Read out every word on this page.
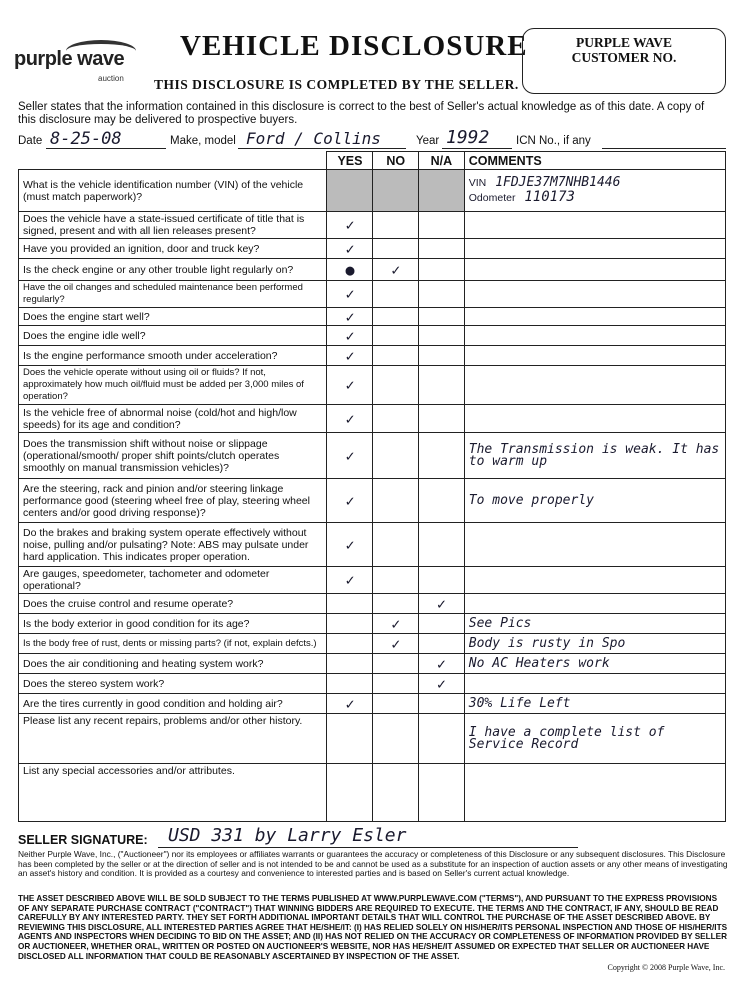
purple wave
auction
VEHICLE DISCLOSURE
THIS DISCLOSURE IS COMPLETED BY THE SELLER.
PURPLE WAVE
CUSTOMER NO.
Seller states that the information contained in this disclosure is correct to the best of Seller's actual knowledge as of this date. A copy of this disclosure may be delivered to prospective buyers.
Date 8-25-08	Make, model Ford / Collins	Year 1992 ICN No., if any
	YES	NO	N/A	COMMENTS
What is the vehicle identification number (VIN) of the vehicle (must match paperwork)?				VIN 1FDJE37M7NHB1446
Odometer 110173

Does the vehicle have a state-issued certificate of title that is signed, present and with all lien releases present?	✓			
Have you provided an ignition, door and truck key?	✓			
Is the check engine or any other trouble light regularly on?	●	✓		
Have the oil changes and scheduled maintenance been performed regularly?	✓			
Does the engine start well?	✓			
Does the engine idle well?	✓			
Is the engine performance smooth under acceleration?	✓			
Does the vehicle operate without using oil or fluids? If not, approximately how much oil/fluid must be added per 3,000 miles of operation?	✓			
Is the vehicle free of abnormal noise (cold/hot and high/low speeds) for its age and condition?	✓			
Does the transmission shift without noise or slippage (operational/smooth/ proper shift points/clutch operates smoothly on manual transmission vehicles)?	✓			The Transmission is weak. It has to warm up
Are the steering, rack and pinion and/or steering linkage performance good (steering wheel free of play, steering wheel centers and/or good driving response)?	✓			To move properly
Do the brakes and braking system operate effectively without noise, pulling and/or pulsating? Note: ABS may pulsate under hard application. This indicates proper operation.	✓			
Are gauges, speedometer, tachometer and odometer operational?	✓			
Does the cruise control and resume operate?			✓	
Is the body exterior in good condition for its age?		✓		See Pics
Is the body free of rust, dents or missing parts? (if not, explain defcts.)		✓		Body is rusty in Spo
Does the air conditioning and heating system work?			✓	No AC Heaters work
Does the stereo system work?			✓	
Are the tires currently in good condition and holding air?	✓			30% Life Left
Please list any recent repairs, problems and/or other history.				I have a complete list of Service Record
List any special accessories and/or attributes.				
SELLER SIGNATURE: USD 331 by Larry Esler
Neither Purple Wave, Inc., ("Auctioneer") nor its employees or affiliates warrants or guarantees the accuracy or completeness of this Disclosure or any subsequent disclosures. This Disclosure has been completed by the seller or at the direction of seller and is not intended to be and cannot be used as a substitute for an inspection of auction assets or any other means of investigating an asset's history and condition. It is provided as a courtesy and convenience to interested parties and is based on Seller's current actual knowledge.
THE ASSET DESCRIBED ABOVE WILL BE SOLD SUBJECT TO THE TERMS PUBLISHED AT WWW.PURPLEWAVE.COM ("TERMS"), AND PURSUANT TO THE EXPRESS PROVISIONS OF ANY SEPARATE PURCHASE CONTRACT ("CONTRACT") THAT WINNING BIDDERS ARE REQUIRED TO EXECUTE. THE TERMS AND THE CONTRACT, IF ANY, SHOULD BE READ CAREFULLY BY ANY INTERESTED PARTY. THEY SET FORTH ADDITIONAL IMPORTANT DETAILS THAT WILL CONTROL THE PURCHASE OF THE ASSET DESCRIBED ABOVE. BY REVIEWING THIS DISCLOSURE, ALL INTERESTED PARTIES AGREE THAT HE/SHE/IT: (I) HAS RELIED SOLELY ON HIS/HER/ITS PERSONAL INSPECTION AND THOSE OF HIS/HER/ITS AGENTS AND INSPECTORS WHEN DECIDING TO BID ON THE ASSET; AND (II) HAS NOT RELIED ON THE ACCURACY OR COMPLETENESS OF INFORMATION PROVIDED BY SELLER OR AUCTIONEER, WHETHER ORAL, WRITTEN OR POSTED ON AUCTIONEER'S WEBSITE, NOR HAS HE/SHE/IT ASSUMED OR EXPECTED THAT SELLER OR AUCTIONEER HAVE DISCLOSED ALL INFORMATION THAT COULD BE REASONABLY ASCERTAINED BY INSPECTION OF THE ASSET.
Copyright © 2008 Purple Wave, Inc.
